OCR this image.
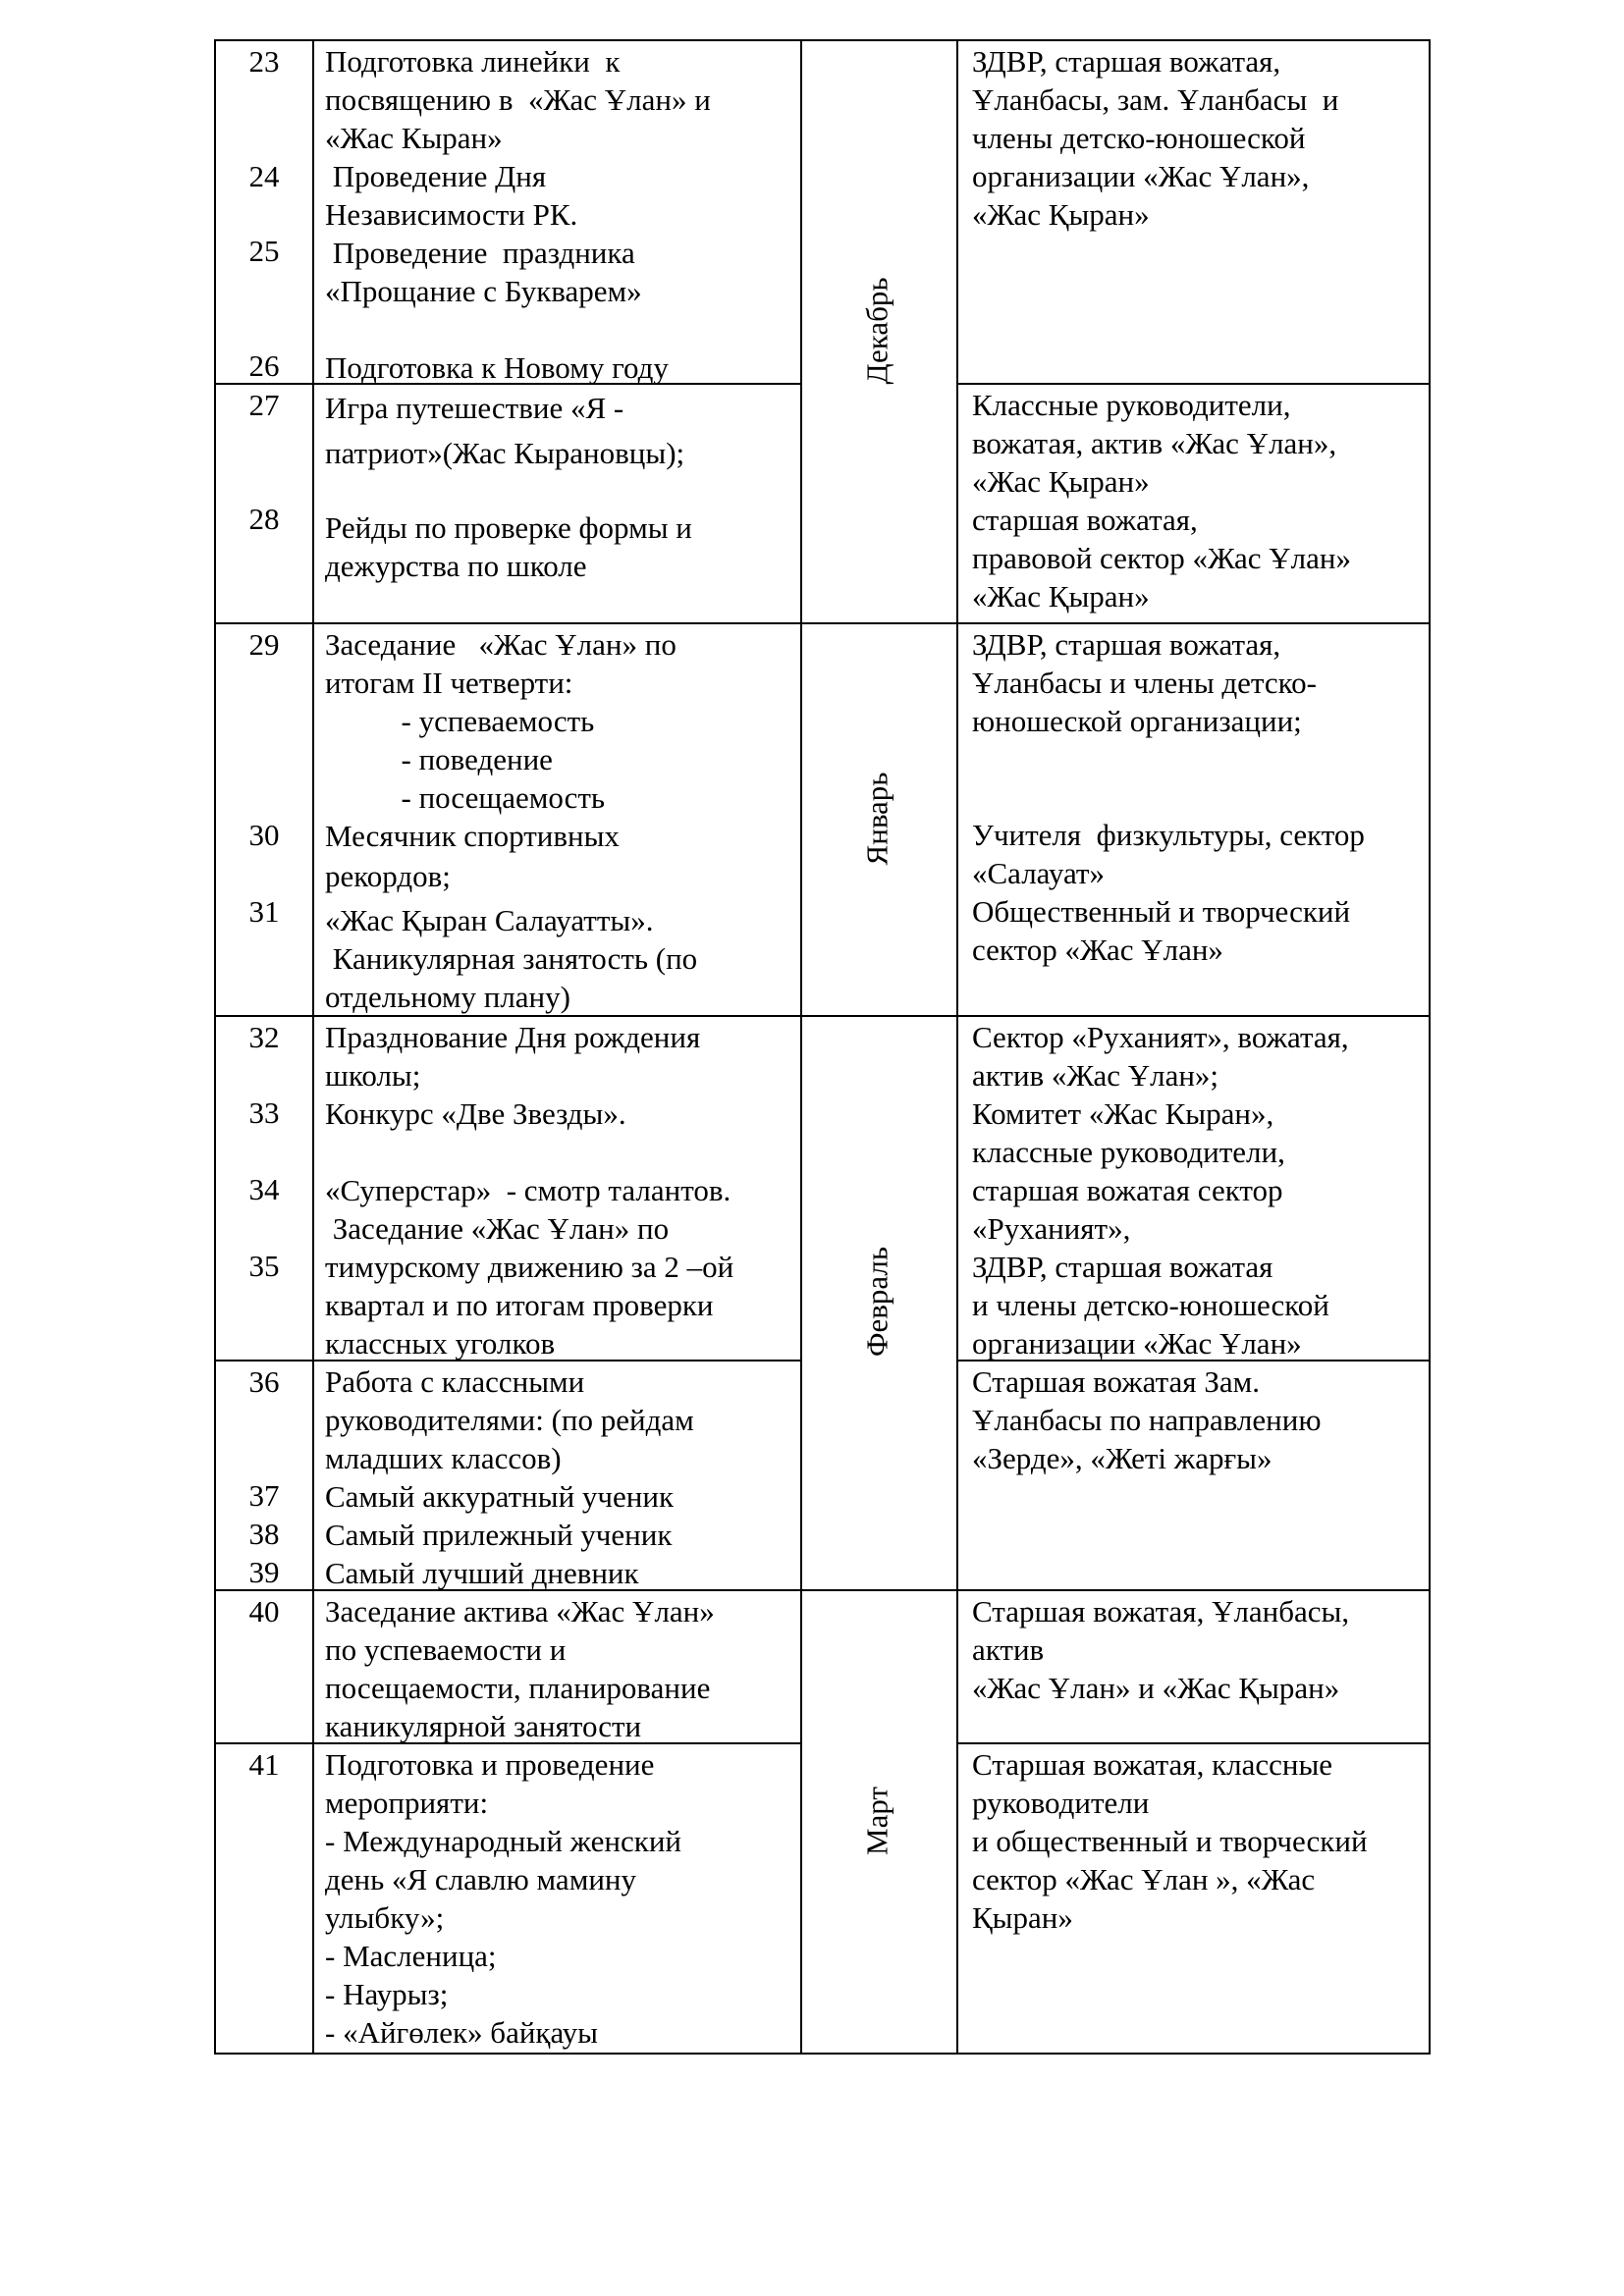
23
24
25
26
27
28
29
30
31
32
33
34
35
36
37
38
39
40
41
Подготовка линейки  к
посвящению в  «Жас Ұлан» и
«Жас Кыран»
Проведение Дня
Независимости РК.
Проведение  праздника
«Прощание с Букварем»

Подготовка к Новому году
Игра путешествие «Я -
патриот»(Жас Кырановцы);
Рейды по проверке формы и
дежурства по школе
Заседание   «Жас Ұлан» по
итогам II четверти:
- успеваемость
- поведение
- посещаемость
Месячник спортивных
рекордов;
«Жас Қыран Салауатты».
Каникулярная занятость (по
отдельному плану)
Празднование Дня рождения
школы;
Конкурс «Две Звезды».

«Суперстар»  - смотр талантов.
Заседание «Жас Ұлан» по
тимурскому движению за 2 –ой
квартал и по итогам проверки
классных уголков
Работа с классными
руководителями: (по рейдам
младших классов)
Самый аккуратный ученик
Самый прилежный ученик
Самый лучший дневник
Заседание актива «Жас Ұлан»
по успеваемости и
посещаемости, планирование
каникулярной занятости
Подготовка и проведение
мероприяти:
- Международный женский
день «Я славлю мамину
улыбку»;
- Масленица;
- Наурыз;
- «Айгөлек» байқауы
Декабрь
Январь
Февраль
Март
ЗДВР, старшая вожатая,
Ұланбасы, зам. Ұланбасы  и
члены детско-юношеской
организации «Жас Ұлан»,
«Жас Қыран»
Классные руководители,
вожатая, актив «Жас Ұлан»,
«Жас Қыран»
старшая вожатая,
правовой сектор «Жас Ұлан»
«Жас Қыран»
ЗДВР, старшая вожатая,
Ұланбасы и члены детско-
юношеской организации;
Учителя  физкультуры, сектор
«Салауат»
Общественный и творческий
сектор «Жас Ұлан»
Сектор «Руханият», вожатая,
актив «Жас Ұлан»;
Комитет «Жас Кыран»,
классные руководители,
старшая вожатая сектор
«Руханият»,
ЗДВР, старшая вожатая
и члены детско-юношеской
организации «Жас Ұлан»
Старшая вожатая Зам.
Ұланбасы по направлению
«Зерде», «Жеті жарғы»
Старшая вожатая, Ұланбасы,
актив
«Жас Ұлан» и «Жас Қыран»
Старшая вожатая, классные
руководители
и общественный и творческий
сектор «Жас Ұлан », «Жас
Қыран»
